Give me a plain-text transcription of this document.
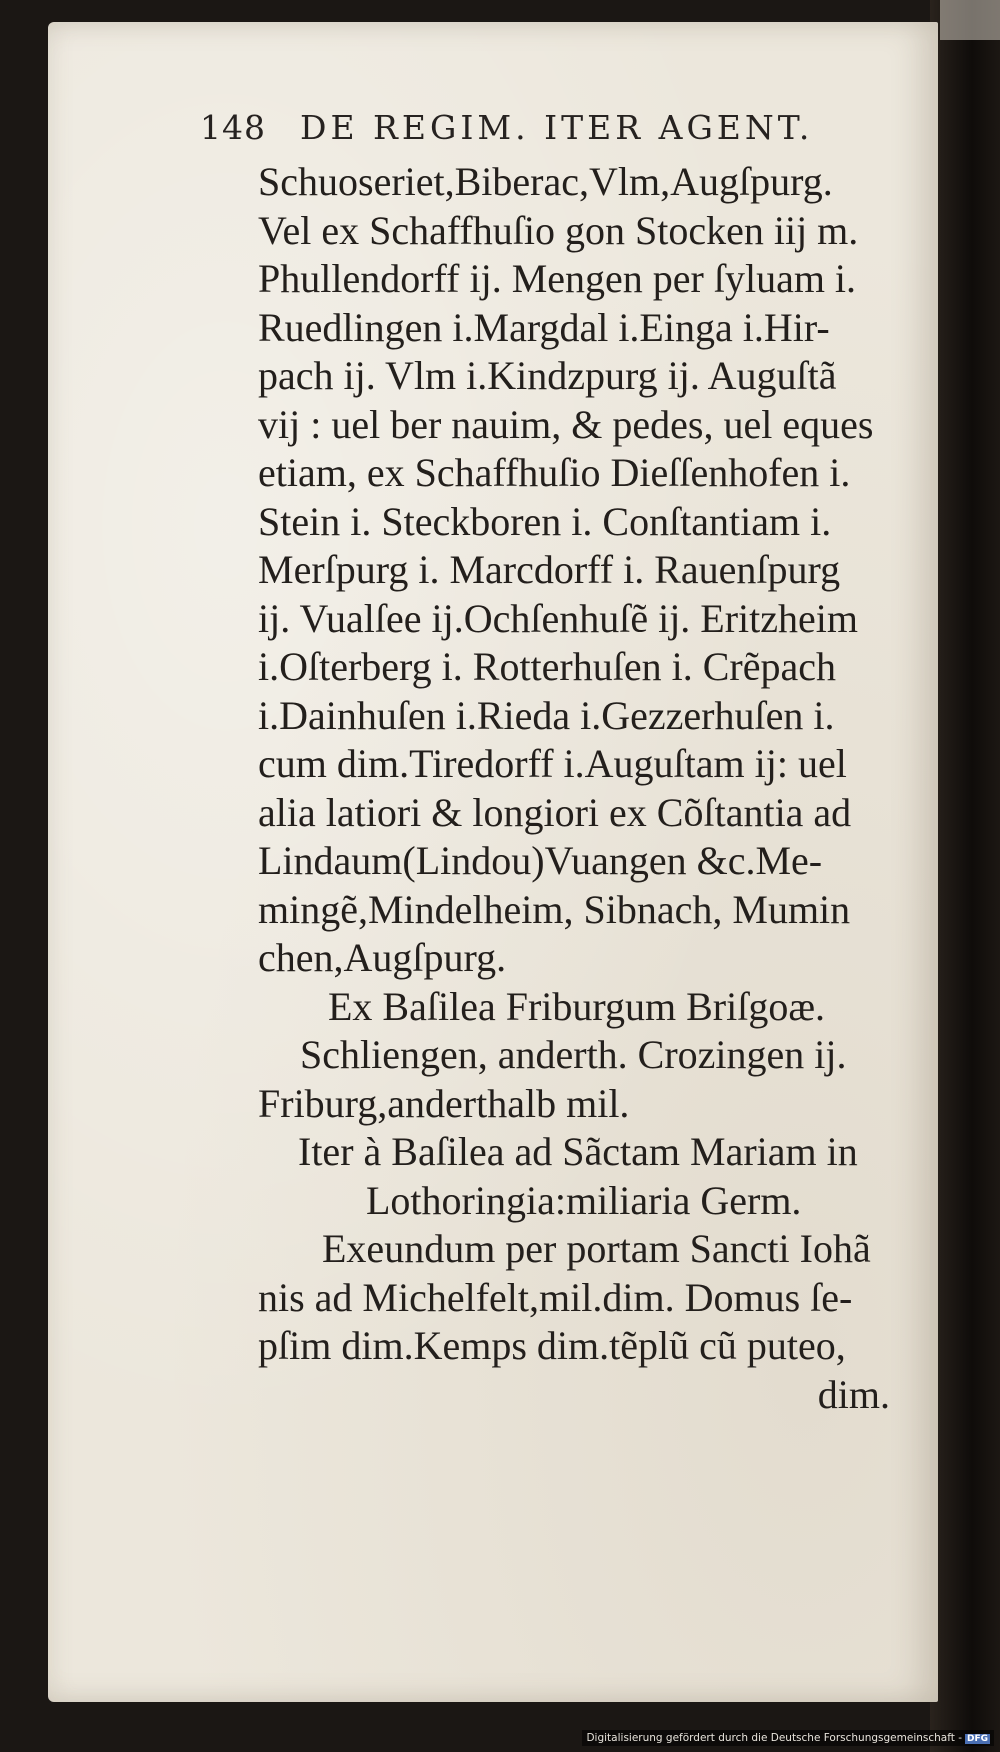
148 DE REGIM. ITER AGENT.
Schuoseriet,Biberac,Vlm,Augſpurg.
Vel ex Schaffhuſio gon Stocken iij m.
Phullendorff ij. Mengen per ſyluam i.
Ruedlingen i.Margdal i.Einga i.Hir-
pach ij. Vlm i.Kindzpurg ij. Auguſtã
vij : uel ber nauim, & pedes, uel eques
etiam, ex Schaffhuſio Dieſſenhofen i.
Stein i. Steckboren i. Conſtantiam i.
Merſpurg i. Marcdorff i. Rauenſpurg
ij. Vualſee ij.Ochſenhuſẽ ij. Eritzheim
i.Oſterberg i. Rotterhuſen i. Crẽpach
i.Dainhuſen i.Rieda i.Gezzerhuſen i.
cum dim.Tiredorff i.Auguſtam ij: uel
alia latiori & longiori ex Cõſtantia ad
Lindaum(Lindou)Vuangen &c.Me-
mingẽ,Mindelheim, Sibnach, Mumin
chen,Augſpurg.
Ex Baſilea Friburgum Briſgoæ.
Schliengen, anderth. Crozingen ij.
Friburg,anderthalb mil.
Iter à Baſilea ad Sãctam Mariam in
Lothoringia:miliaria Germ.
Exeundum per portam Sancti Iohã
nis ad Michelfelt,mil.dim. Domus ſe-
pſim dim.Kemps dim.tẽplũ cũ puteo,
dim.
Digitalisierung gefördert durch die Deutsche Forschungsgemeinschaft - DFG
